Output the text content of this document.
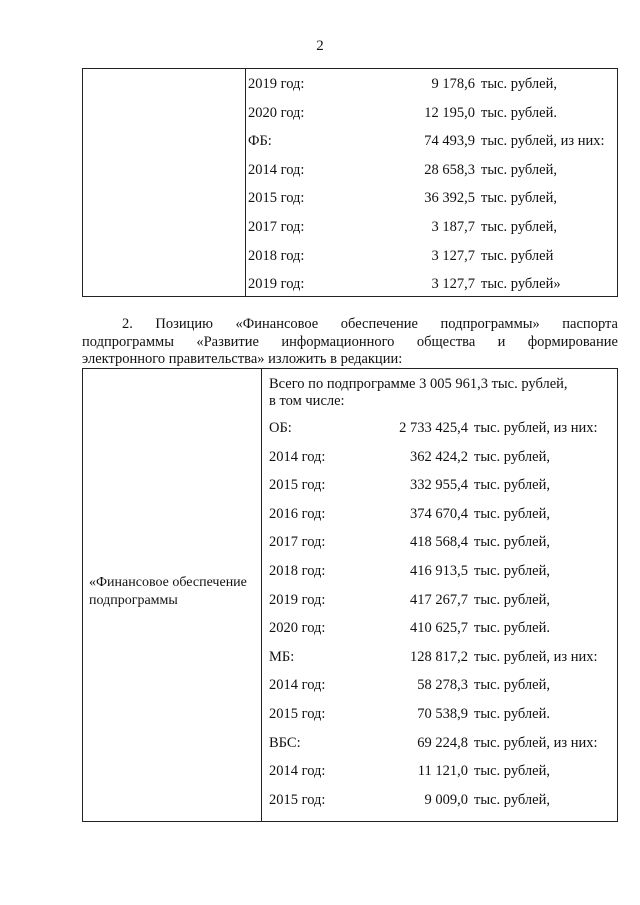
2
2019 год:	9 178,6 тыс. рублей,
2020 год:	12 195,0 тыс. рублей.
ФБ:	74 493,9 тыс. рублей, из них:
2014 год:	28 658,3 тыс. рублей,
2015 год:	36 392,5 тыс. рублей,
2017 год:	3 187,7 тыс. рублей,
2018 год:	3 127,7 тыс. рублей
2019 год:	3 127,7 тыс. рублей»
2. Позицию «Финансовое обеспечение подпрограммы» паспорта
подпрограммы «Развитие информационного общества и формирование
электронного правительства» изложить в редакции:
«Финансовое обеспечение
подпрограммы
Всего по подпрограмме 3 005 961,3 тыс. рублей,
в том числе:
ОБ:	2 733 425,4 тыс. рублей, из них:
2014 год:	362 424,2 тыс. рублей,
2015 год:	332 955,4 тыс. рублей,
2016 год:	374 670,4 тыс. рублей,
2017 год:	418 568,4 тыс. рублей,
2018 год:	416 913,5 тыс. рублей,
2019 год:	417 267,7 тыс. рублей,
2020 год:	410 625,7 тыс. рублей.
МБ:	128 817,2 тыс. рублей, из них:
2014 год:	58 278,3 тыс. рублей,
2015 год:	70 538,9 тыс. рублей.
ВБС:	69 224,8 тыс. рублей, из них:
2014 год:	11 121,0 тыс. рублей,
2015 год:	9 009,0 тыс. рублей,
